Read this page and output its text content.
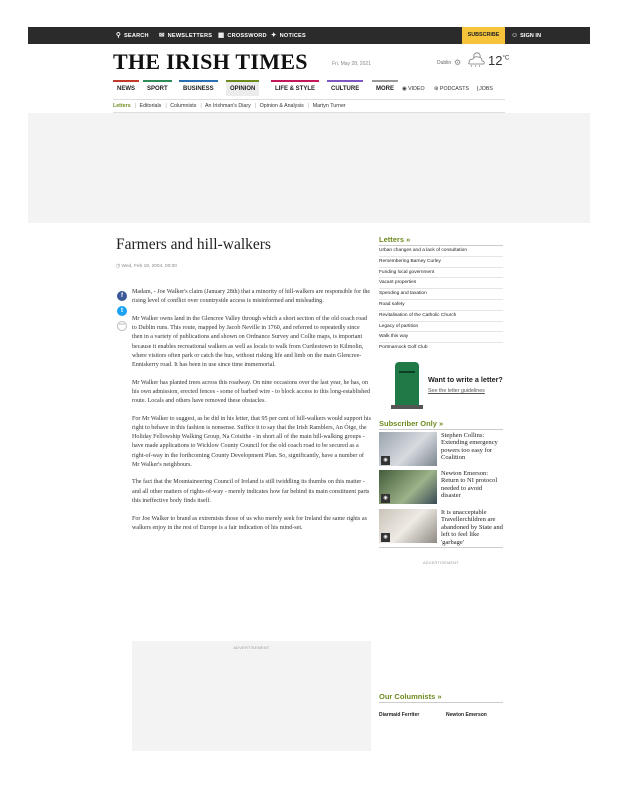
⚲ SEARCH ✉ NEWSLETTERS ▦ CROSSWORD ✦ NOTICES	SUBSCRIBE	☺ SIGN IN
THE IRISH TIMES	Fri, May 28, 2021	Dublin ⚙ $12^{^\circ C}$
NEWS	SPORT	BUSINESS	OPINION	LIFE & STYLE	CULTURE	MORE	◉ VIDEO ⊛ PODCASTS ⌊JOBS
Letters | Editorials | Columnists | An Irishman's Diary | Opinion & Analysis | Martyn Turner
Farmers and hill-walkers
◷ Wed, Feb 18, 2004, 00:00
f
t
⋯

Madam, - Joe Walker's claim (January 28th) that a minority of hill-walkers are responsible for the rising level of conflict over countryside access is misinformed and misleading.

Mr Walker owns land in the Glencree Valley through which a short section of the old coach road to Dublin runs. This route, mapped by Jacob Neville in 1760, and referred to repeatedly since then in a variety of publications and shown on Ordnance Survey and Collte maps, is important because it enables recreational walkers as well as locals to walk from Curtlestown to Kilmolin, where visitors often park or catch the bus, without risking life and limb on the main Glencree-Enniskerry road. It has been in use since time immemorial.

Mr Walker has planted trees across this roadway. On nine occasions over the last year, he has, on his own admission, erected fences - some of barbed wire - to block access to this long-established route. Locals and others have removed these obstacles.

For Mr Walker to suggest, as he did in his letter, that 95 per cent of hill-walkers would support his right to behave in this fashion is nonsense. Suffice it to say that the Irish Ramblers, An Óige, the Holiday Fellowship Walking Group, Na Coisithe - in short all of the main hill-walking groups - have made applications to Wicklow County Council for the old coach road to be secured as a right-of-way in the forthcoming County Development Plan. So, significantly, have a number of Mr Walker's neighbours.

The fact that the Mountaineering Council of Ireland is still twiddling its thumbs on this matter - and all other matters of rights-of-way - merely indicates how far behind its main constituent parts this ineffective body finds itself.

For Joe Walker to brand as extremists those of us who merely seek for Ireland the same rights as walkers enjoy in the rest of Europe is a fair indication of his mind-set.

ADVERTISEMENT
Letters »
Urban changes and a lack of consultation
Remembering Barney Curley
Funding local government
Vacant properties
Spending and taxation
Road safety
Revitalisation of the Catholic Church
Legacy of partition
Walk this way
Portmarnock Golf Club
Want to write a letter?
See the letter guidelines
Subscriber Only »
◉
Stephen Collins: Extending emergency powers too easy for Coalition
◉
Newton Emerson: Return to NI protocol needed to avoid disaster
◉
It is unacceptable Travellerchildren are abandoned by State and left to feel like 'garbage'
ADVERTISEMENT
Our Columnists »
Diarmaid Ferriter	Newton Emerson
